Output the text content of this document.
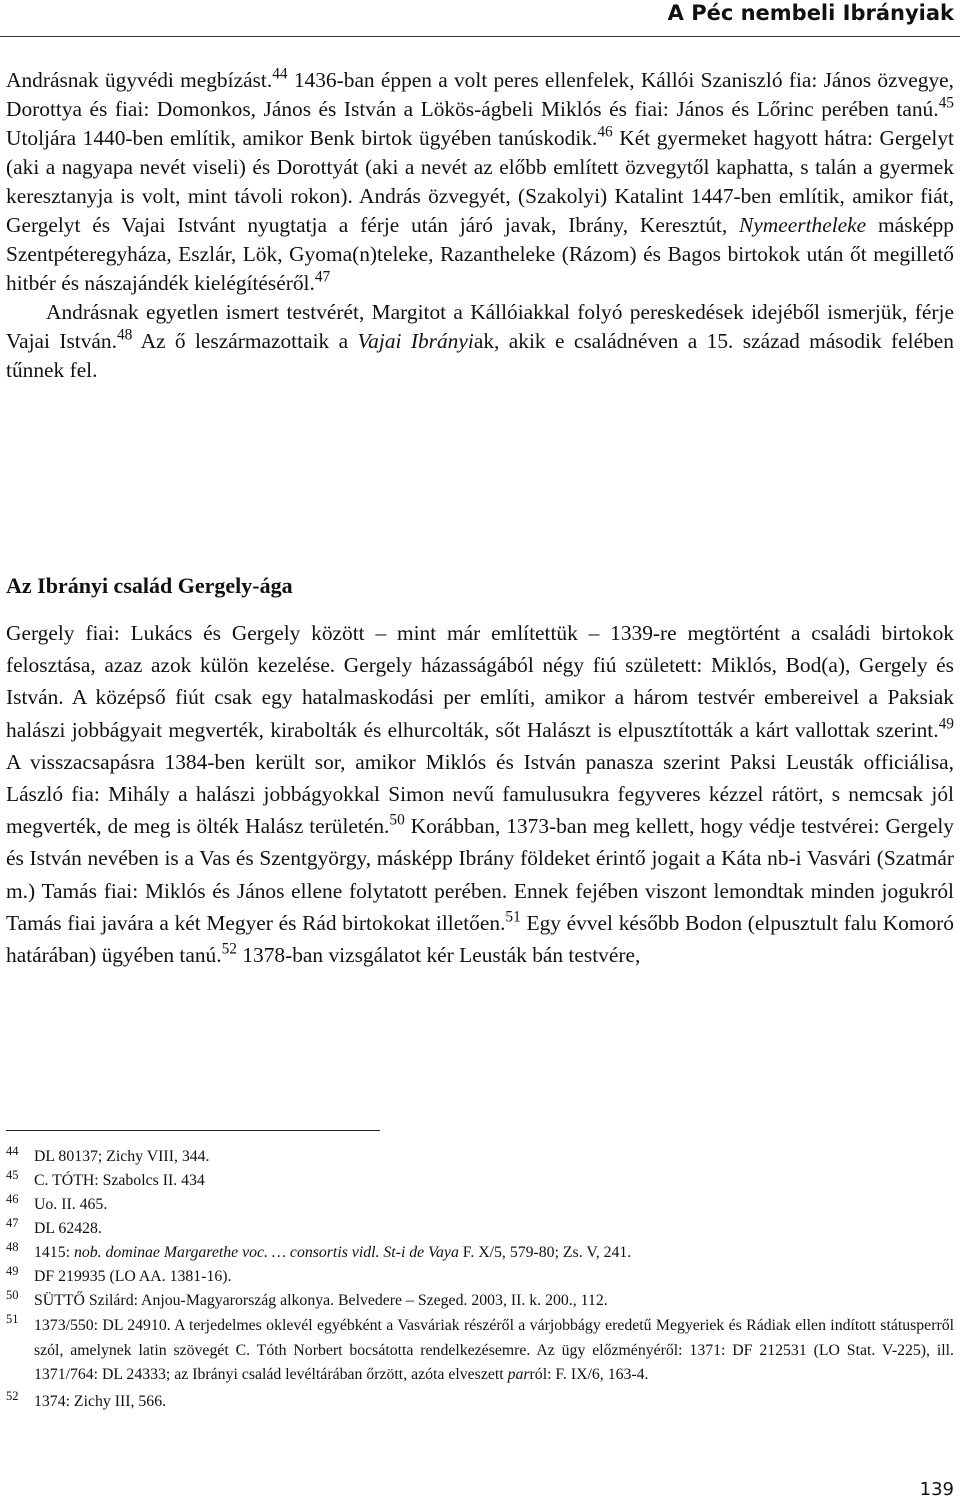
A Péc nembeli Ibrányiak

Andrásnak ügyvédi megbízást.$^{44}$ 1436-ban éppen a volt peres ellenfelek, Kállói Szaniszló fia: János özvegye, Dorottya és fiai: Domonkos, János és István a Lökös-ágbeli Miklós és fiai: János és Lőrinc perében tanú.$^{45}$ Utoljára 1440-ben említik, amikor Benk birtok ügyében tanúskodik.$^{46}$ Két gyermeket hagyott hátra: Gergelyt (aki a nagyapa nevét viseli) és Dorottyát (aki a nevét az előbb említett özvegytől kaphatta, s talán a gyermek keresztanyja is volt, mint távoli rokon). András özvegyét, (Szakolyi) Katalint 1447-ben említik, amikor fiát, Gergelyt és Vajai Istvánt nyugtatja a férje után járó javak, Ibrány, Keresztút, Nymeertheleke másképp Szentpéteregyháza, Eszlár, Lök, Gyoma(n)teleke, Razantheleke (Rázom) és Bagos birtokok után őt megillető hitbér és nászajándék kielégítéséről.$^{47}$

Andrásnak egyetlen ismert testvérét, Margitot a Kállóiakkal folyó pereskedések idejéből ismerjük, férje Vajai István.$^{48}$ Az ő leszármazottaik a Vajai Ibrányiak, akik e családnéven a 15. század második felében tűnnek fel.

Az Ibrányi család Gergely-ága

Gergely fiai: Lukács és Gergely között – mint már említettük – 1339-re megtörtént a családi birtokok felosztása, azaz azok külön kezelése. Gergely házasságából négy fiú született: Miklós, Bod(a), Gergely és István. A középső fiút csak egy hatalmaskodási per említi, amikor a három testvér embereivel a Paksiak halászi jobbágyait megverték, kirabolták és elhurcolták, sőt Halászt is elpusztították a kárt vallottak szerint.$^{49}$ A visszacsapásra 1384-ben került sor, amikor Miklós és István panasza szerint Paksi Leusták officiálisa, László fia: Mihály a halászi jobbágyokkal Simon nevű famulusukra fegyveres kézzel rátört, s nemcsak jól megverték, de meg is ölték Halász területén.$^{50}$ Korábban, 1373-ban meg kellett, hogy védje testvérei: Gergely és István nevében is a Vas és Szentgyörgy, másképp Ibrány földeket érintő jogait a Káta nb-i Vasvári (Szatmár m.) Tamás fiai: Miklós és János ellene folytatott perében. Ennek fejében viszont lemondtak minden jogukról Tamás fiai javára a két Megyer és Rád birtokokat illetően.$^{51}$ Egy évvel később Bodon (elpusztult falu Komoró határában) ügyében tanú.$^{52}$ 1378-ban vizsgálatot kér Leusták bán testvére,

44 DL 80137; Zichy VIII, 344.
45 C. TÓTH: Szabolcs II. 434
46 Uo. II. 465.
47 DL 62428.
48 1415: nob. dominae Margarethe voc. … consortis vidl. St-i de Vaya F. X/5, 579-80; Zs. V, 241.
49 DF 219935 (LO AA. 1381-16).
50 SÜTTŐ Szilárd: Anjou-Magyarország alkonya. Belvedere – Szeged. 2003, II. k. 200., 112.
51 1373/550: DL 24910. A terjedelmes oklevél egyébként a Vasváriak részéről a várjobbágy eredetű Megyeriek és Rádiak ellen indított státusperről szól, amelynek latin szövegét C. Tóth Norbert bocsátotta rendelkezésemre. Az ügy előzményéről: 1371: DF 212531 (LO Stat. V-225), ill. 1371/764: DL 24333; az Ibrányi család levéltárában őrzött, azóta elveszett parról: F. IX/6, 163-4.
52 1374: Zichy III, 566.
139
